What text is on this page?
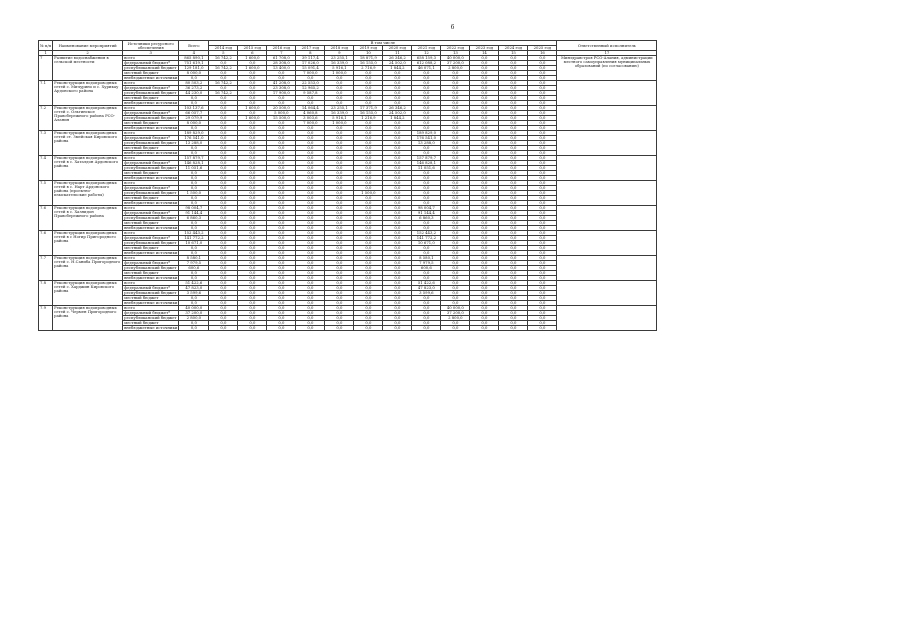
6
№ п/п	Наименование мероприятий	Источники ресурсного обеспечения	Всего	В том числе												Ответственный исполнитель
				2014 год	2015 год	2016 год	2017 год	2018 год	2019 год	2020 год	2021 год	2022 год	2023 год	2024 год	2025 год	
1	2	3	4	5	6	7	8	9	10	11	12	13	14	15	16	17
7	Развитие водоснабжения в сельской местности	всего	865 890,1	16 742,2	1 600,0	61 708,0	39 117,4	23 255,1	18 871,9	26 346,2	658 159,3	40 000,0	0,0	0,0	0,0	Минздравстроя РСО-Алания, администрации местного самоуправления муниципальных образований (по согласованию)
		федеральный бюджет*	751 619,1	0,0	0,0	28 308,0	17 026,0	16 339,0	16 155,0	24 502,0	612 088,2	37 200,0	0,0	0,0	0,0	
		республиканский бюджет	129 181,0	16 742,2	1 600,0	13 400,0	15 091,4	5 916,1	2 716,9	1 844,2	46 071,1	2 800,0	0,0	0,0	0,0	
		местный бюджет	8 000,0	0,0	0,0	0,0	7 000,0	1 000,0	0,0	0,0	0,0	0,0	0,0	0,0	0,0	
		внебюджетные источники	0,0	0,0	0,0	0,0	0,0	0,0	0,0	0,0	0,0	0,0	0,0	0,0	0,0	
7.1	Реконструкция водопроводных сетей с. Мичурино и с. Хурикау Ардонского района	всего	80 503,2	16 742,2	0,0	41 208,0	22 553,0	0,0	0,0	0,0	0,0	0,0	0,0	0,0	0,0	
		федеральный бюджет*	36 273,2	0,0	0,0	23 308,0	12 965,2	0,0	0,0	0,0	0,0	0,0	0,0	0,0	0,0	
		республиканский бюджет	44 230,0	16 742,2	0,0	17 900,0	9 587,8	0,0	0,0	0,0	0,0	0,0	0,0	0,0	0,0	
		местный бюджет	0,0	0,0	0,0	0,0	0,0	0,0	0,0	0,0	0,0	0,0	0,0	0,0	0,0	
		внебюджетные источники	0,0	0,0	0,0	0,0	0,0	0,0	0,0	0,0	0,0	0,0	0,0	0,0	0,0	
7.2	Реконструкция водопроводных сетей с. Ольгинское Правобережного района РСО-Алания	всего	103 137,6	0,0	1 600,0	20 500,0	14 064,4	23 255,1	17 371,9	26 346,2	0,0	0,0	0,0	0,0	0,0	
		федеральный бюджет*	66 057,7	0,0	0,0	5 000,0	4 060,8	16 339,0	16 155,0	24 502,0	0,0	0,0	0,0	0,0	0,0	
		республиканский бюджет	29 079,9	0,0	1 600,0	15 500,0	3 003,6	5 916,1	1 216,9	1 844,2	0,0	0,0	0,0	0,0	0,0	
		местный бюджет	8 000,0	0,0	0,0	0,0	7 000,0	1 000,0	0,0	0,0	0,0	0,0	0,0	0,0	0,0	
		внебюджетные источники	0,0	0,0	0,0	0,0	0,0	0,0	0,0	0,0	0,0	0,0	0,0	0,0	0,0	
7.3	Реконструкция водопроводных сетей ст. Змейская Кировского района	всего	189 829,0	0,0	0,0	0,0	0,0	0,0	0,0	0,0	189 829,0	0,0	0,0	0,0	0,0	
		федеральный бюджет*	176 541,0	0,0	0,0	0,0	0,0	0,0	0,0	0,0	176 541,0	0,0	0,0	0,0	0,0	
		республиканский бюджет	13 288,0	0,0	0,0	0,0	0,0	0,0	0,0	0,0	13 288,0	0,0	0,0	0,0	0,0	
		местный бюджет	0,0	0,0	0,0	0,0	0,0	0,0	0,0	0,0	0,0	0,0	0,0	0,0	0,0	
		внебюджетные источники	0,0	0,0	0,0	0,0	0,0	0,0	0,0	0,0	0,0	0,0	0,0	0,0	0,0	
7.4	Реконструкция водопроводных сетей в с. Хаталдон Ардонского района	всего	157 879,7	0,0	0,0	0,0	0,0	0,0	0,0	0,0	157 879,7	0,0	0,0	0,0	0,0	
		федеральный бюджет*	146 828,1	0,0	0,0	0,0	0,0	0,0	0,0	0,0	146 828,1	0,0	0,0	0,0	0,0	
		республиканский бюджет	11 051,6	0,0	0,0	0,0	0,0	0,0	0,0	0,0	11 051,6	0,0	0,0	0,0	0,0	
		местный бюджет	0,0	0,0	0,0	0,0	0,0	0,0	0,0	0,0	0,0	0,0	0,0	0,0	0,0	
		внебюджетные источники	0,0	0,0	0,0	0,0	0,0	0,0	0,0	0,0	0,0	0,0	0,0	0,0	0,0	
7.5	Реконструкция водопроводных сетей в с. Нарт Ардонского района (проектно-изыскательские работы)	всего	0,0	0,0	0,0	0,0	0,0	0,0	0,0	0,0	0,0	0,0	0,0	0,0	0,0	
		федеральный бюджет*	0,0	0,0	0,0	0,0	0,0	0,0	0,0	0,0	0,0	0,0	0,0	0,0	0,0	
		республиканский бюджет	1 500,0	0,0	0,0	0,0	0,0	0,0	1 500,0	0,0	0,0	0,0	0,0	0,0	0,0	
		местный бюджет	0,0	0,0	0,0	0,0	0,0	0,0	0,0	0,0	0,0	0,0	0,0	0,0	0,0	
		внебюджетные источники	0,0	0,0	0,0	0,0	0,0	0,0	0,0	0,0	0,0	0,0	0,0	0,0	0,0	
7.6	Реконструкция водопроводных сетей в с. Хазнидон Правобережного района	всего	98 004,7	0,0	0,0	0,0	0,0	0,0	0,0	0,0	98 004,7	0,0	0,0	0,0	0,0	
		федеральный бюджет*	91 144,4	0,0	0,0	0,0	0,0	0,0	0,0	0,0	91 144,4	0,0	0,0	0,0	0,0	
		республиканский бюджет	6 860,3	0,0	0,0	0,0	0,0	0,0	0,0	0,0	6 860,3	0,0	0,0	0,0	0,0	
		местный бюджет	0,0	0,0	0,0	0,0	0,0	0,0	0,0	0,0	0,0	0,0	0,0	0,0	0,0	
		внебюджетные источники	0,0	0,0	0,0	0,0	0,0	0,0	0,0	0,0	0,0	0,0	0,0	0,0	0,0	
7.6	Реконструкция водопроводных сетей в с Ногир Пригородного района	всего	152 443,2	0,0	0,0	0,0	0,0	0,0	0,0	0,0	152 443,2	0,0	0,0	0,0	0,0	
		федеральный бюджет*	141 772,2	0,0	0,0	0,0	0,0	0,0	0,0	0,0	141 772,2	0,0	0,0	0,0	0,0	
		республиканский бюджет	10 671,0	0,0	0,0	0,0	0,0	0,0	0,0	0,0	10 671,0	0,0	0,0	0,0	0,0	
		местный бюджет	0,0	0,0	0,0	0,0	0,0	0,0	0,0	0,0	0,0	0,0	0,0	0,0	0,0	
		внебюджетные источники	0,0	0,0	0,0	0,0	0,0	0,0	0,0	0,0	0,0	0,0	0,0	0,0	0,0	
7.7	Реконструкция водопроводных сетей с. Н.Саниба Пригородного района	всего	8 580,1	0,0	0,0	0,0	0,0	0,0	0,0	0,0	8 580,1	0,0	0,0	0,0	0,0	
		федеральный бюджет*	7 979,5	0,0	0,0	0,0	0,0	0,0	0,0	0,0	7 979,5	0,0	0,0	0,0	0,0	
		республиканский бюджет	600,6	0,0	0,0	0,0	0,0	0,0	0,0	0,0	600,6	0,0	0,0	0,0	0,0	
		местный бюджет	0,0	0,0	0,0	0,0	0,0	0,0	0,0	0,0	0,0	0,0	0,0	0,0	0,0	
		внебюджетные источники	0,0	0,0	0,0	0,0	0,0	0,0	0,0	0,0	0,0	0,0	0,0	0,0	0,0	
7.8	Реконструкция водопроводных сетей с. Харджин Кировского района	всего	51 422,6	0,0	0,0	0,0	0,0	0,0	0,0	0,0	51 422,6	0,0	0,0	0,0	0,0	
		федеральный бюджет*	47 823,0	0,0	0,0	0,0	0,0	0,0	0,0	0,0	47 823,0	0,0	0,0	0,0	0,0	
		республиканский бюджет	3 599,6	0,0	0,0	0,0	0,0	0,0	0,0	0,0	3 599,6	0,0	0,0	0,0	0,0	
		местный бюджет	0,0	0,0	0,0	0,0	0,0	0,0	0,0	0,0	0,0	0,0	0,0	0,0	0,0	
		внебюджетные источники	0,0	0,0	0,0	0,0	0,0	0,0	0,0	0,0	0,0	0,0	0,0	0,0	0,0	
7.9	Реконструкция водопроводных сетей с. Чермен Пригородного района	всего	40 000,0	0,0	0,0	0,0	0,0	0,0	0,0	0,0	0,0	40 000,0	0,0	0,0	0,0	
		федеральный бюджет*	37 200,0	0,0	0,0	0,0	0,0	0,0	0,0	0,0	0,0	37 200,0	0,0	0,0	0,0	
		республиканский бюджет	2 800,0	0,0	0,0	0,0	0,0	0,0	0,0	0,0	0,0	2 800,0	0,0	0,0	0,0	
		местный бюджет	0,0	0,0	0,0	0,0	0,0	0,0	0,0	0,0	0,0	0,0	0,0	0,0	0,0	
		внебюджетные источники	0,0	0,0	0,0	0,0	0,0	0,0	0,0	0,0	0,0	0,0	0,0	0,0	0,0	
